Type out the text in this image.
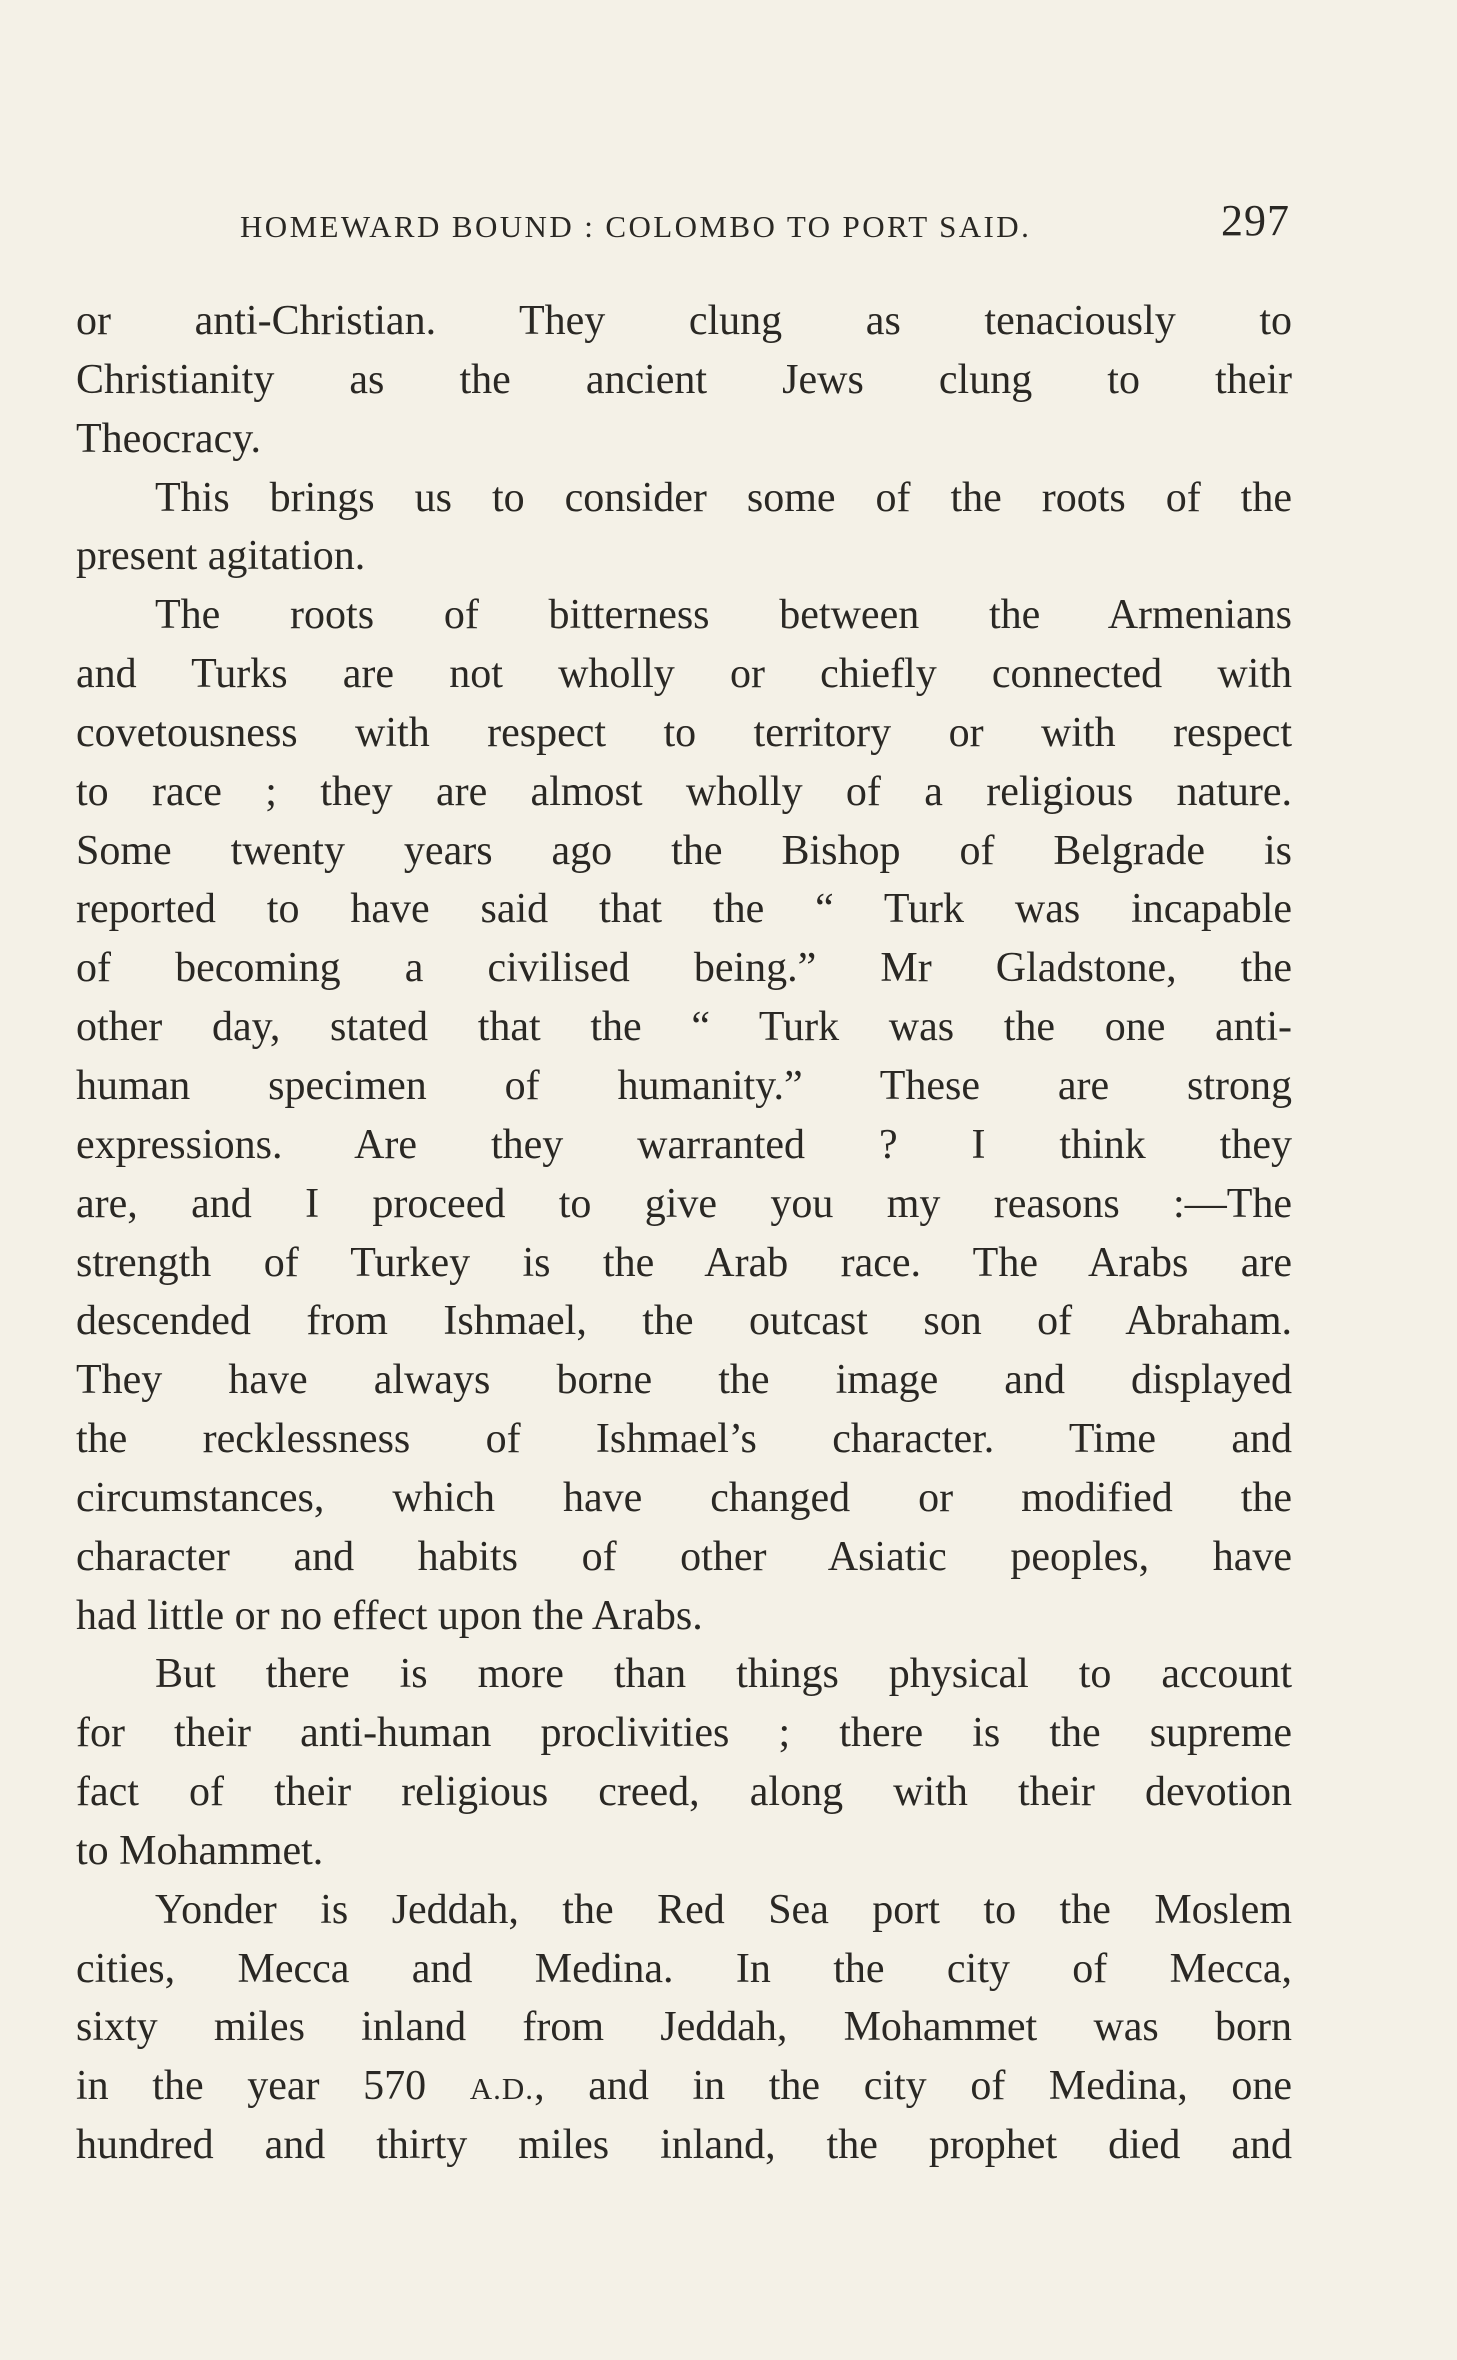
HOMEWARD BOUND : COLOMBO TO PORT SAID.	297
or anti-Christian. They clung as tenaciously to
Christianity as the ancient Jews clung to their
Theocracy.
This brings us to consider some of the roots of the
present agitation.
The roots of bitterness between the Armenians
and Turks are not wholly or chiefly connected with
covetousness with respect to territory or with respect
to race ; they are almost wholly of a religious nature.
Some twenty years ago the Bishop of Belgrade is
reported to have said that the “ Turk was incapable
of becoming a civilised being.” Mr Gladstone, the
other day, stated that the “ Turk was the one anti-
human specimen of humanity.” These are strong
expressions. Are they warranted ? I think they
are, and I proceed to give you my reasons :—The
strength of Turkey is the Arab race. The Arabs are
descended from Ishmael, the outcast son of Abraham.
They have always borne the image and displayed
the recklessness of Ishmael’s character. Time and
circumstances, which have changed or modified the
character and habits of other Asiatic peoples, have
had little or no effect upon the Arabs.
But there is more than things physical to account
for their anti-human proclivities ; there is the supreme
fact of their religious creed, along with their devotion
to Mohammet.
Yonder is Jeddah, the Red Sea port to the Moslem
cities, Mecca and Medina. In the city of Mecca,
sixty miles inland from Jeddah, Mohammet was born
in the year 570 A.D., and in the city of Medina, one
hundred and thirty miles inland, the prophet died and
